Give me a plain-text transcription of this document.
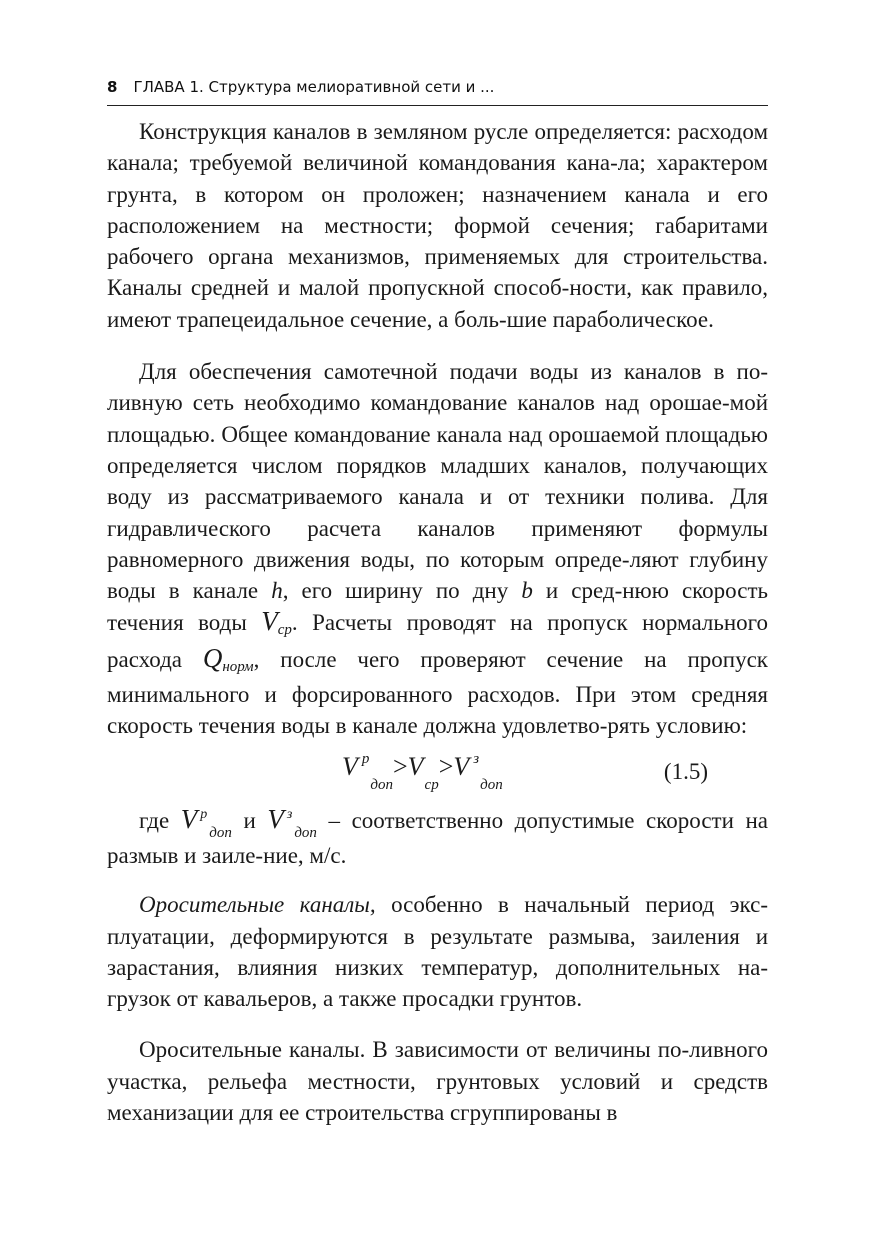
8 ГЛАВА 1. Структура мелиоративной сети и ...

Конструкция каналов в земляном русле определяется: расходом канала; требуемой величиной командования кана-ла; характером грунта, в котором он проложен; назначением канала и его расположением на местности; формой сечения; габаритами рабочего органа механизмов, применяемых для строительства. Каналы средней и малой пропускной способ-ности, как правило, имеют трапецеидальное сечение, а боль-шие параболическое.

Для обеспечения самотечной подачи воды из каналов в по-ливную сеть необходимо командование каналов над орошае-мой площадью. Общее командование канала над орошаемой площадью определяется числом порядков младших каналов, получающих воду из рассматриваемого канала и от техники полива. Для гидравлического расчета каналов применяют формулы равномерного движения воды, по которым опреде-ляют глубину воды в канале h, его ширину по дну b и сред-нюю скорость течения воды Vср. Расчеты проводят на пропуск нормального расхода Qнорм, после чего проверяют сечение на пропуск минимального и форсированного расходов. При этом средняя скорость течения воды в канале должна удовлетво-рять условию:

V $^р_{доп}>V_{ср}>V$ $^з_{доп}$
(1.5)

где V $^р_{доп}$ и V $^з_{доп}$ – соответственно допустимые скорости на размыв и заиле-ние, м/с.

Оросительные каналы, особенно в начальный период экс-плуатации, деформируются в результате размыва, заиления и зарастания, влияния низких температур, дополнительных на-грузок от кавальеров, а также просадки грунтов.

Оросительные каналы. В зависимости от величины по-ливного участка, рельефа местности, грунтовых условий и средств механизации для ее строительства сгруппированы в
